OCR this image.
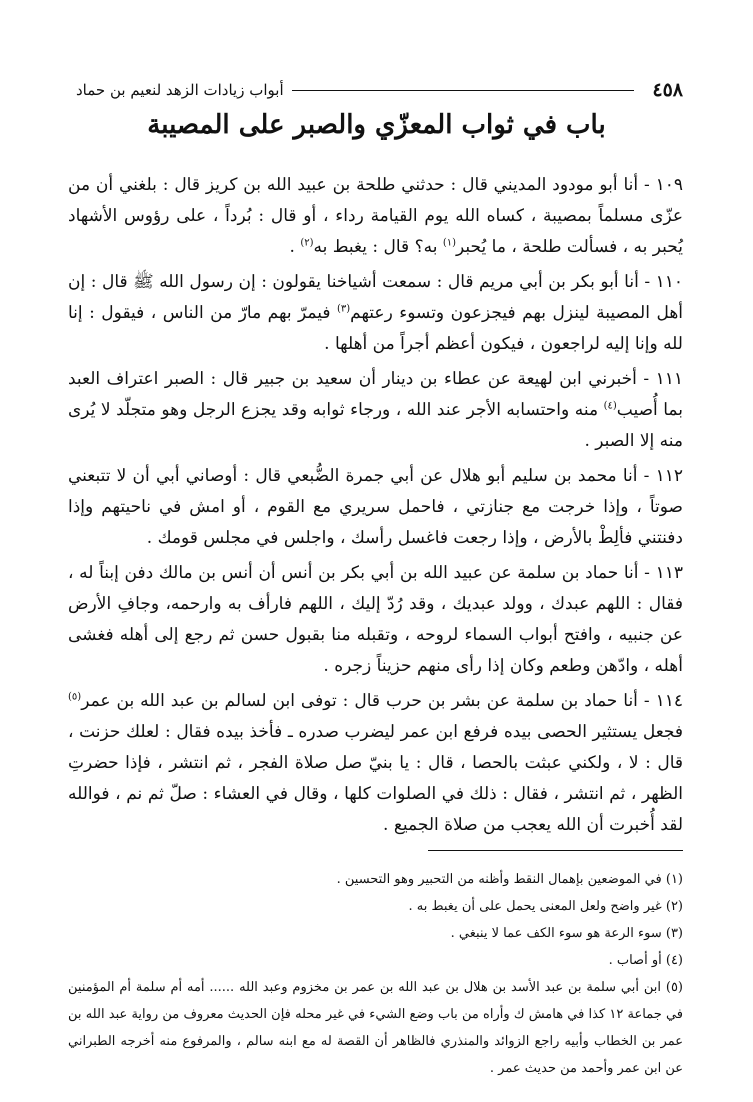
٤٥٨
أبواب زيادات الزهد لنعيم بن حماد
باب في ثواب المعزّي والصبر على المصيبة

١٠٩ - أنا أبو مودود المديني قال : حدثني طلحة بن عبيد الله بن كريز قال : بلغني أن من عزّى مسلماً بمصيبة ، كساه الله يوم القيامة رداء ، أو قال : بُرداً ، على رؤوس الأشهاد يُحبر به ، فسألت طلحة ، ما يُحبر$^{(١)}$ به؟ قال : يغبط به$^{(٢)}$ .

١١٠ - أنا أبو بكر بن أبي مريم قال : سمعت أشياخنا يقولون : إن رسول الله ﷺ قال : إن أهل المصيبة لينزل بهم فيجزعون وتسوء رعتهم$^{(٣)}$ فيمرّ بهم مارّ من الناس ، فيقول : إنا لله وإنا إليه لراجعون ، فيكون أعظم أجراً من أهلها .

١١١ - أخبرني ابن لهيعة عن عطاء بن دينار أن سعيد بن جبير قال : الصبر اعتراف العبد بما أُصيب$^{(٤)}$ منه واحتسابه الأجر عند الله ، ورجاء ثوابه وقد يجزع الرجل وهو متجلّد لا يُرى منه إلا الصبر .

١١٢ - أنا محمد بن سليم أبو هلال عن أبي جمرة الضُّبعي قال : أوصاني أبي أن لا تتبعني صوتاً ، وإذا خرجت مع جنازتي ، فاحمل سريري مع القوم ، أو امش في ناحيتهم وإذا دفنتني فألِطْ بالأرض ، وإذا رجعت فاغسل رأسك ، واجلس في مجلس قومك .

١١٣ - أنا حماد بن سلمة عن عبيد الله بن أبي بكر بن أنس أن أنس بن مالك دفن إبناً له ، فقال : اللهم عبدك ، وولد عبديك ، وقد رُدّ إليك ، اللهم فارأف به وارحمه، وجافِ الأرض عن جنبيه ، وافتح أبواب السماء لروحه ، وتقبله منا بقبول حسن ثم رجع إلى أهله فغشى أهله ، وادّهن وطعم وكان إذا رأى منهم حزيناً زجره .

١١٤ - أنا حماد بن سلمة عن بشر بن حرب قال : توفى ابن لسالم بن عبد الله بن عمر$^{(٥)}$ فجعل يستثير الحصى بيده فرفع ابن عمر ليضرب صدره ـ فأخذ بيده فقال : لعلك حزنت ، قال : لا ، ولكني عبثت بالحصا ، قال : يا بنيّ صل صلاة الفجر ، ثم انتشر ، فإذا حضرتِ الظهر ، ثم انتشر ، فقال : ذلك في الصلوات كلها ، وقال في العشاء : صلّ ثم نم ، فوالله لقد أُخبرت أن الله يعجب من صلاة الجميع .

(١) في الموضعين بإهمال النقط وأظنه من التحبير وهو التحسين .

(٢) غير واضح ولعل المعنى يحمل على أن يغبط به .

(٣) سوء الرعة هو سوء الكف عما لا ينبغي .

(٤) أو أصاب .

(٥) ابن أبي سلمة بن عبد الأسد بن هلال بن عبد الله بن عمر بن مخزوم وعبد الله ...... أمه أم سلمة أم المؤمنين في جماعة ١٢ كذا في هامش ك وأراه من باب وضع الشيء في غير محله فإن الحديث معروف من رواية عبد الله بن عمر بن الخطاب وأبيه راجع الزوائد والمنذري فالظاهر أن القصة له مع ابنه سالم ، والمرفوع منه أخرجه الطبراني عن ابن عمر وأحمد من حديث عمر .
